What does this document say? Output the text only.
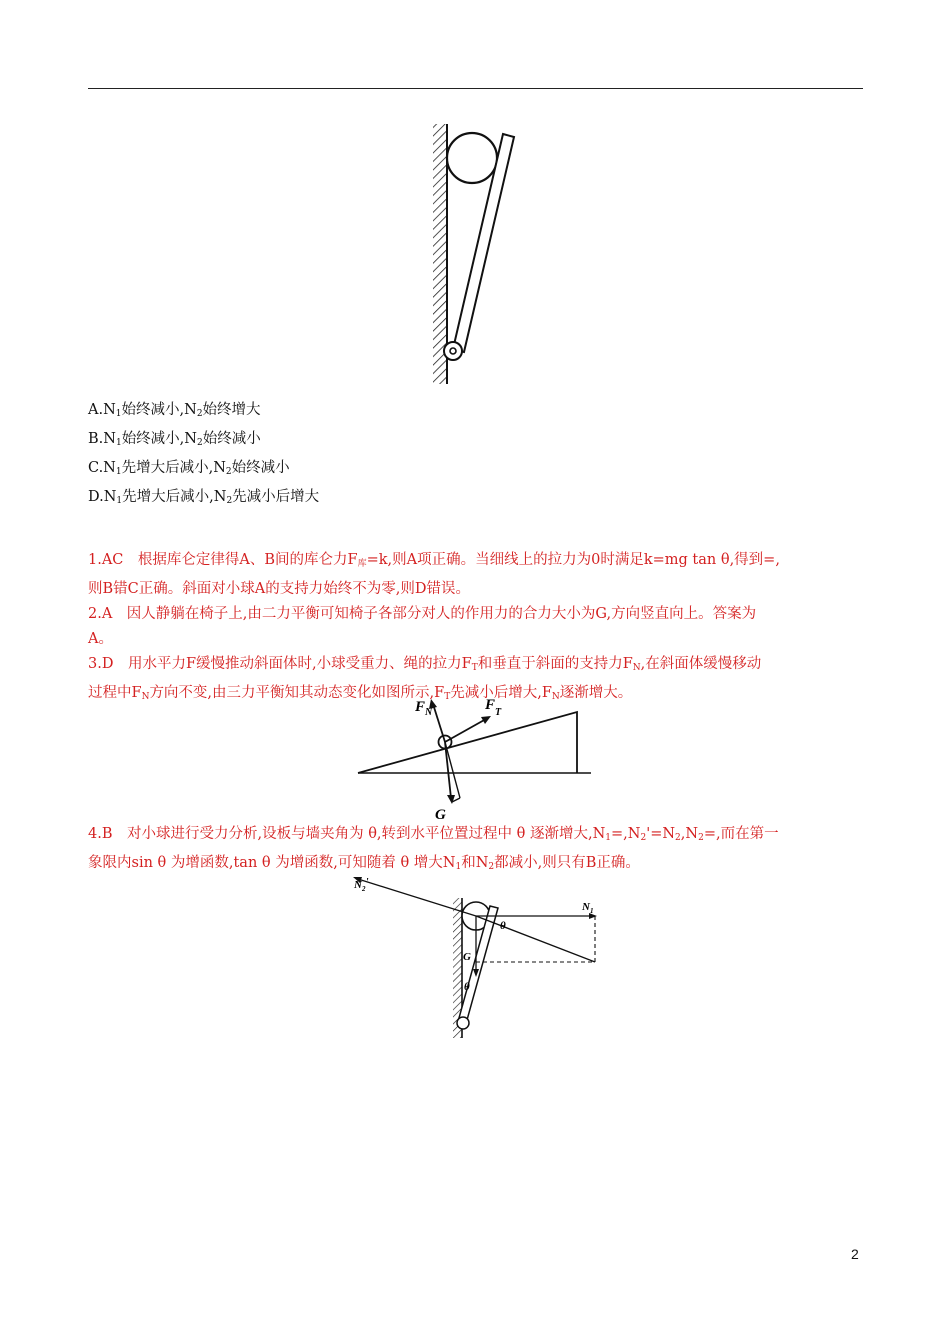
$A.N_1$始终减小$,N_2$始终增大
$B.N_1$始终减小$,N_2$始终减小
$C.N_1$先增大后减小$,N_2$始终减小
$D.N_1$先增大后减小$,N_2$先减小后增大

1.AC　根据库仑定律得A、B间的库仑力$F_库=k$,则A项正确。当细线上的拉力为0时满足k=mg tan θ,得到=,

则B错C正确。斜面对小球A的支持力始终不为零,则D错误。

2.A　因人静躺在椅子上,由二力平衡可知椅子各部分对人的作用力的合力大小为G,方向竖直向上。答案为

A。

3.D　用水平力F缓慢推动斜面体时,小球受重力、绳的拉力$F_T$和垂直于斜面的支持力$F_N$,在斜面体缓慢移动

过程中$F_N$方向不变,由三力平衡知其动态变化如图所示$,F_T$先减小后增大$,F_N$逐渐增大。

$F_N$	$F_T$
G

4.B　对小球进行受力分析,设板与墙夹角为 θ,转到水平位置过程中 θ 逐渐增大$,N_1=,N_2'=N_2,N_2=$,而在第一

象限内sin θ 为增函数,tan θ 为增函数,可知随着 θ 增大$N_1$和$N_2$都减小,则只有B正确。

$N_2'$
$N_1$
θ
G
θ
2
